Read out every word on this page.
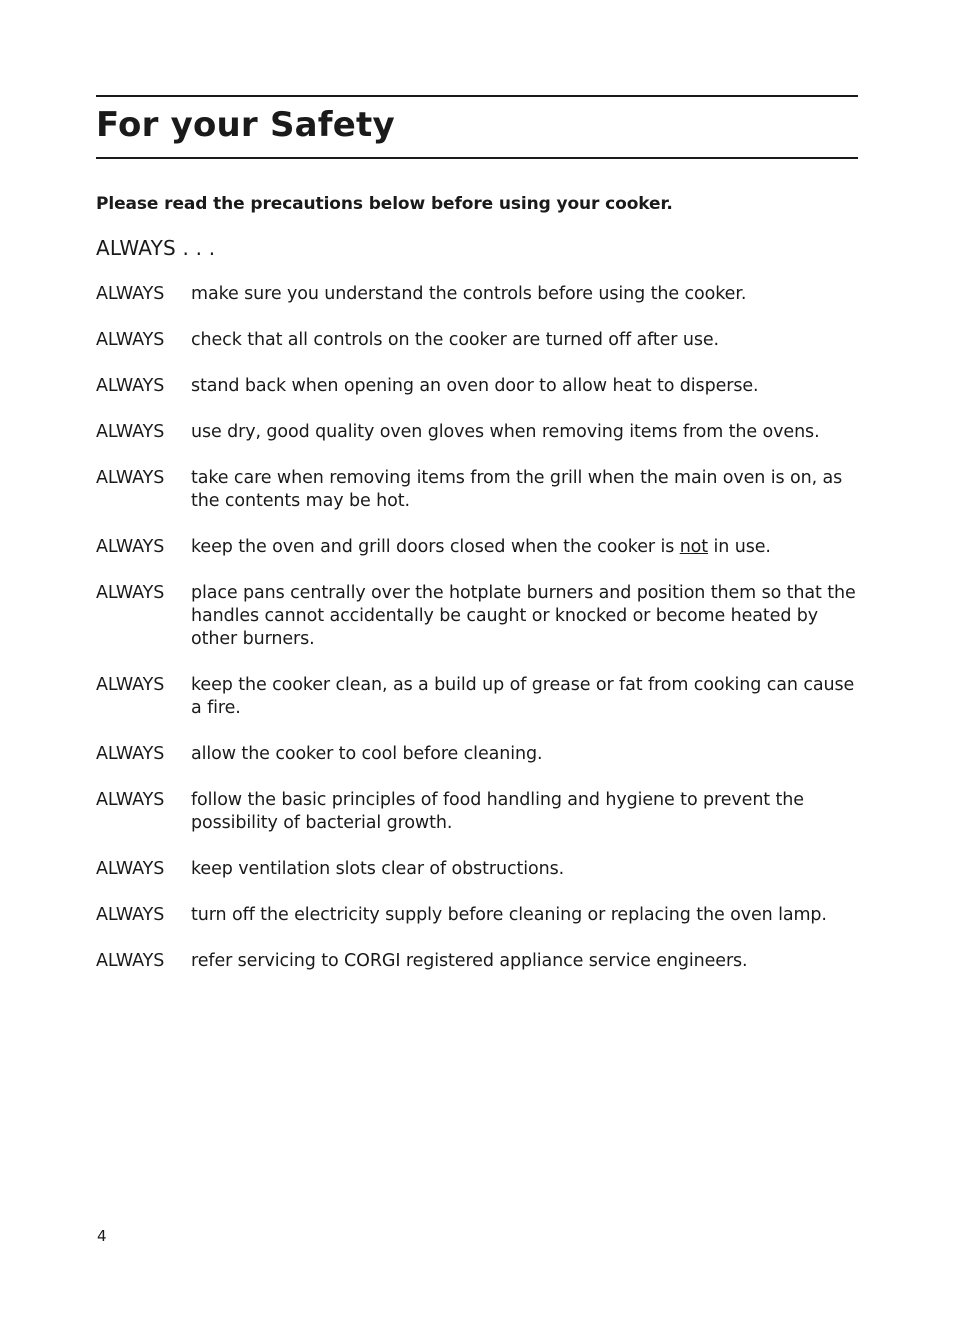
For your Safety
Please read the precautions below before using your cooker.
ALWAYS . . .
ALWAYS	make sure you understand the controls before using the cooker.
ALWAYS	check that all controls on the cooker are turned off after use.
ALWAYS	stand back when opening an oven door to allow heat to disperse.
ALWAYS	use dry, good quality oven gloves when removing items from the ovens.
ALWAYS	take care when removing items from the grill when the main oven is on, as the contents may be hot.
ALWAYS	keep the oven and grill doors closed when the cooker is not in use.
ALWAYS	place pans centrally over the hotplate burners and position them so that the handles cannot accidentally be caught or knocked or become heated by other burners.
ALWAYS	keep the cooker clean, as a build up of grease or fat from cooking can cause a fire.
ALWAYS	allow the cooker to cool before cleaning.
ALWAYS	follow the basic principles of food handling and hygiene to prevent the possibility of bacterial growth.
ALWAYS	keep ventilation slots clear of obstructions.
ALWAYS	turn off the electricity supply before cleaning or replacing the oven lamp.
ALWAYS	refer servicing to CORGI registered appliance service engineers.
4
